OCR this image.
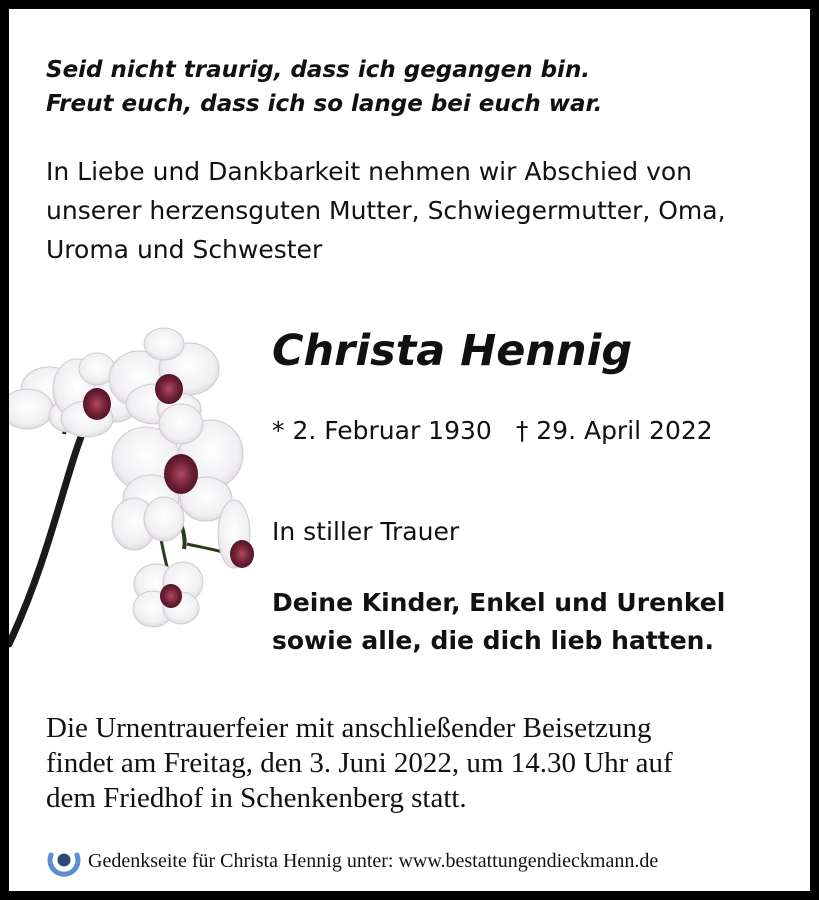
Seid nicht traurig, dass ich gegangen bin.
Freut euch, dass ich so lange bei euch war.
In Liebe und Dankbarkeit nehmen wir Abschied von
unserer herzensguten Mutter, Schwiegermutter, Oma,
Uroma und Schwester
Christa Hennig
* 2. Februar 1930 † 29. April 2022
In stiller Trauer
Deine Kinder, Enkel und Urenkel
sowie alle, die dich lieb hatten.
Die Urnentrauerfeier mit anschließender Beisetzung
findet am Freitag, den 3. Juni 2022, um 14.30 Uhr auf
dem Friedhof in Schenkenberg statt.
Gedenkseite für Christa Hennig unter: www.bestattungendieckmann.de
